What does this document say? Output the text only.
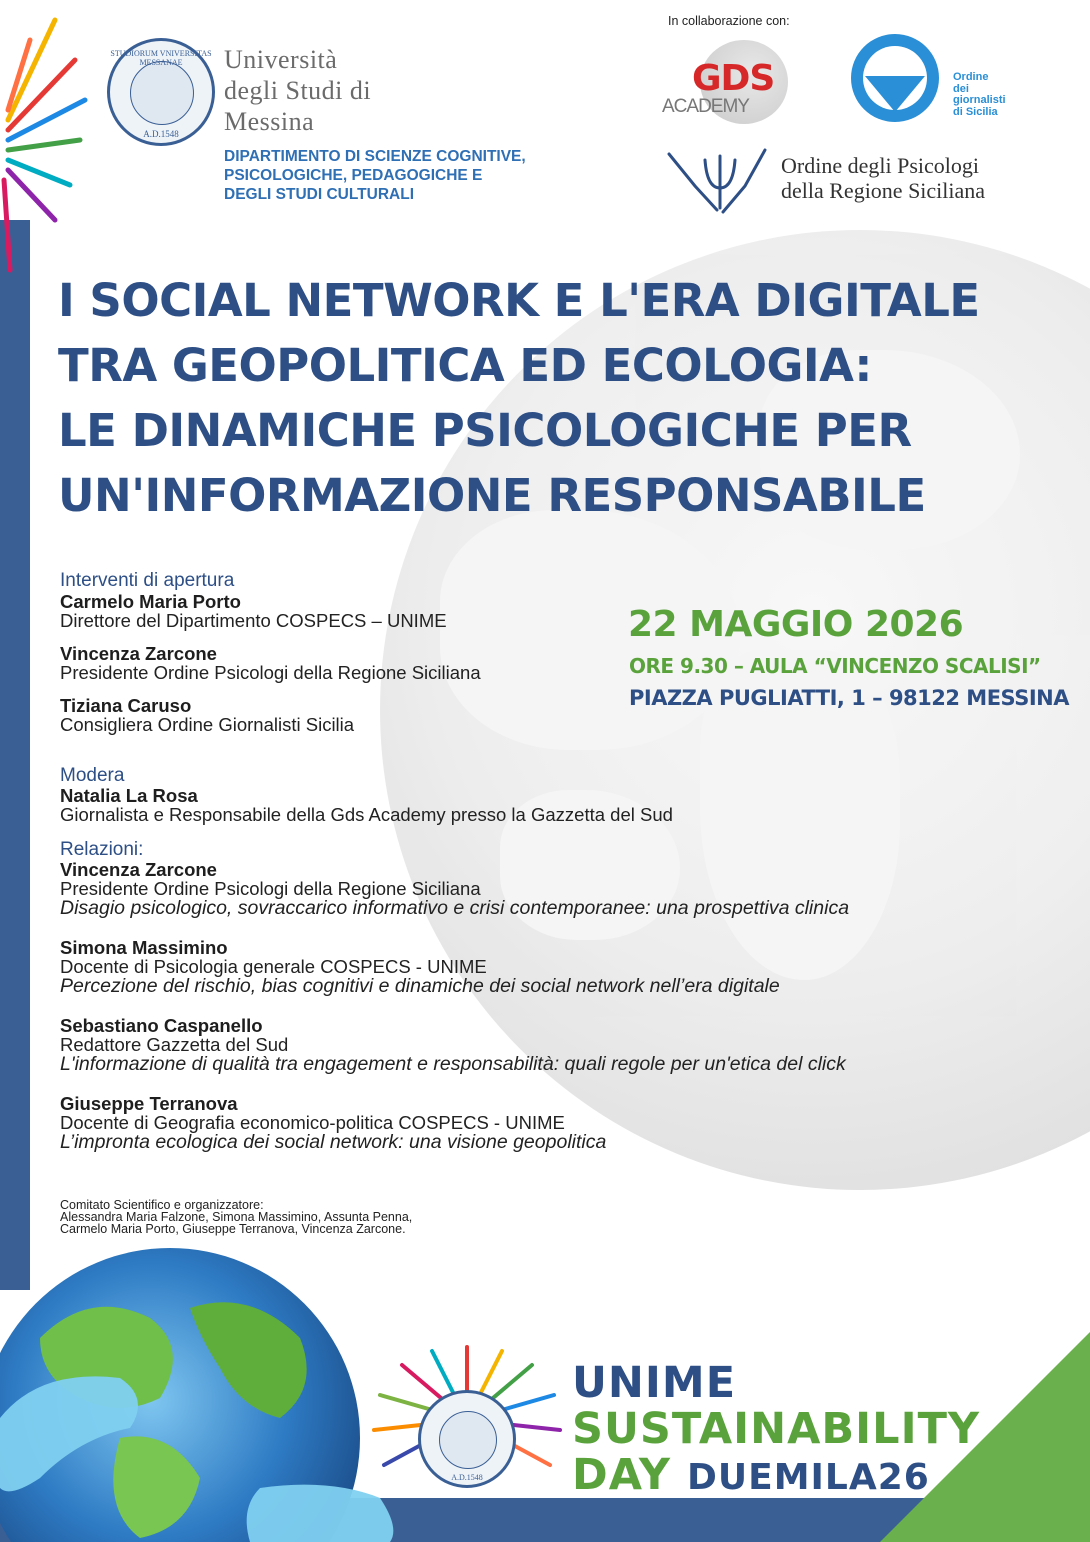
STUDIORUM VNIVERSITAS MESSANAE
A.D.1548
Università
degli Studi di
Messina
DIPARTIMENTO DI SCIENZE COGNITIVE,
PSICOLOGICHE, PEDAGOGICHE E
DEGLI STUDI CULTURALI
In collaborazione con:
GDS
ACADEMY
Ordine
dei
giornalisti
di Sicilia
Ordine degli Psicologi
della Regione Siciliana
I SOCIAL NETWORK E L'ERA DIGITALE
TRA GEOPOLITICA ED ECOLOGIA:
LE DINAMICHE PSICOLOGICHE PER
UN'INFORMAZIONE RESPONSABILE
22 MAGGIO 2026
ORE 9.30 – AULA “VINCENZO SCALISI”
PIAZZA PUGLIATTI, 1 – 98122 MESSINA
Interventi di apertura
Carmelo Maria Porto
Direttore del Dipartimento COSPECS – UNIME
Vincenza Zarcone
Presidente Ordine Psicologi della Regione Siciliana
Tiziana Caruso
Consigliera Ordine Giornalisti Sicilia
Modera
Natalia La Rosa
Giornalista e Responsabile della Gds Academy presso la Gazzetta del Sud
Relazioni:
Vincenza Zarcone
Presidente Ordine Psicologi della Regione Siciliana
Disagio psicologico, sovraccarico informativo e crisi contemporanee: una prospettiva clinica
Simona Massimino
Docente di Psicologia generale COSPECS - UNIME
Percezione del rischio, bias cognitivi e dinamiche dei social network nell’era digitale
Sebastiano Caspanello
Redattore Gazzetta del Sud
L'informazione di qualità tra engagement e responsabilità: quali regole per un'etica del click
Giuseppe Terranova
Docente di Geografia economico-politica COSPECS - UNIME
L’impronta ecologica dei social network: una visione geopolitica
Comitato Scientifico e organizzatore:
Alessandra Maria Falzone, Simona Massimino, Assunta Penna,
Carmelo Maria Porto, Giuseppe Terranova, Vincenza Zarcone.
A.D.1548
UNIME
SUSTAINABILITY
DAY DUEMILA26
